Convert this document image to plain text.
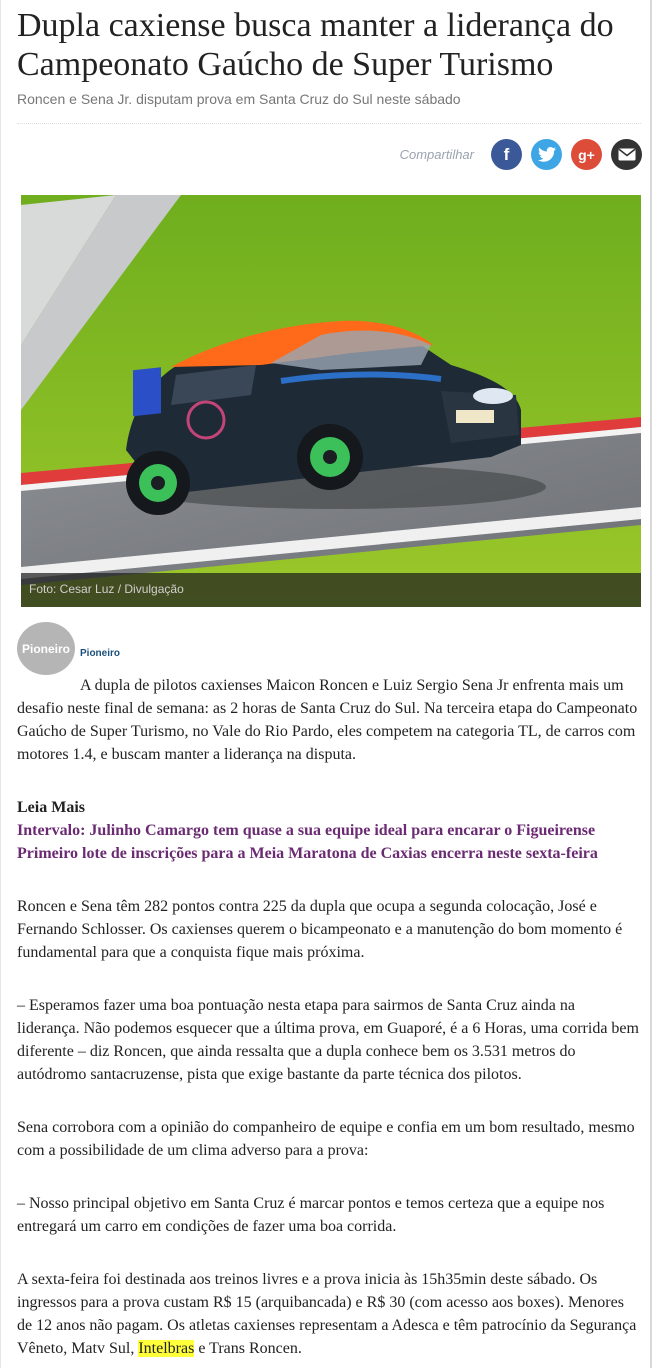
Dupla caxiense busca manter a liderança do Campeonato Gaúcho de Super Turismo

Roncen e Sena Jr. disputam prova em Santa Cruz do Sul neste sábado

Compartilhar f	g+
Foto: Cesar Luz / Divulgação
Pioneiro Pioneiro

A dupla de pilotos caxienses Maicon Roncen e Luiz Sergio Sena Jr enfrenta mais um desafio neste final de semana: as 2 horas de Santa Cruz do Sul. Na terceira etapa do Campeonato Gaúcho de Super Turismo, no Vale do Rio Pardo, eles competem na categoria TL, de carros com motores 1.4, e buscam manter a liderança na disputa.

Leia Mais
Intervalo: Julinho Camargo tem quase a sua equipe ideal para encarar o Figueirense
Primeiro lote de inscrições para a Meia Maratona de Caxias encerra neste sexta-feira

Roncen e Sena têm 282 pontos contra 225 da dupla que ocupa a segunda colocação, José e Fernando Schlosser. Os caxienses querem o bicampeonato e a manutenção do bom momento é fundamental para que a conquista fique mais próxima.

– Esperamos fazer uma boa pontuação nesta etapa para sairmos de Santa Cruz ainda na liderança. Não podemos esquecer que a última prova, em Guaporé, é a 6 Horas, uma corrida bem diferente – diz Roncen, que ainda ressalta que a dupla conhece bem os 3.531 metros do autódromo santacruzense, pista que exige bastante da parte técnica dos pilotos.

Sena corrobora com a opinião do companheiro de equipe e confia em um bom resultado, mesmo com a possibilidade de um clima adverso para a prova:

– Nosso principal objetivo em Santa Cruz é marcar pontos e temos certeza que a equipe nos entregará um carro em condições de fazer uma boa corrida.

A sexta-feira foi destinada aos treinos livres e a prova inicia às 15h35min deste sábado. Os ingressos para a prova custam R$ 15 (arquibancada) e R$ 30 (com acesso aos boxes). Menores de 12 anos não pagam. Os atletas caxienses representam a Adesca e têm patrocínio da Segurança Vêneto, Matv Sul, Intelbras e Trans Roncen.
